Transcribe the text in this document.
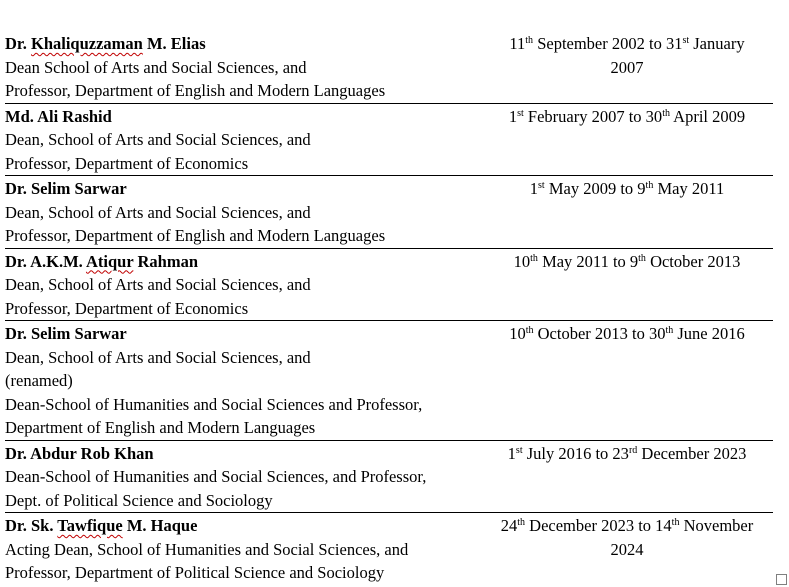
Dr. Khaliquzzaman M. Elias
Dean School of Arts and Social Sciences, and
Professor, Department of English and Modern Languages
11th September 2002 to 31st January
2007
Md. Ali Rashid
Dean, School of Arts and Social Sciences, and
Professor, Department of Economics
1st February 2007 to 30th April 2009
Dr. Selim Sarwar
Dean, School of Arts and Social Sciences, and
Professor, Department of English and Modern Languages
1st May 2009 to 9th May 2011
Dr. A.K.M. Atiqur Rahman
Dean, School of Arts and Social Sciences, and
Professor, Department of Economics
10th May 2011 to 9th October 2013
Dr. Selim Sarwar
Dean, School of Arts and Social Sciences, and
(renamed)
Dean-School of Humanities and Social Sciences and Professor,
Department of English and Modern Languages
10th October 2013 to 30th June 2016
Dr. Abdur Rob Khan
Dean-School of Humanities and Social Sciences, and Professor,
Dept. of Political Science and Sociology
1st July 2016 to 23rd December 2023
Dr. Sk. Tawfique M. Haque
Acting Dean, School of Humanities and Social Sciences, and
Professor, Department of Political Science and Sociology
24th December 2023 to 14th November
2024
